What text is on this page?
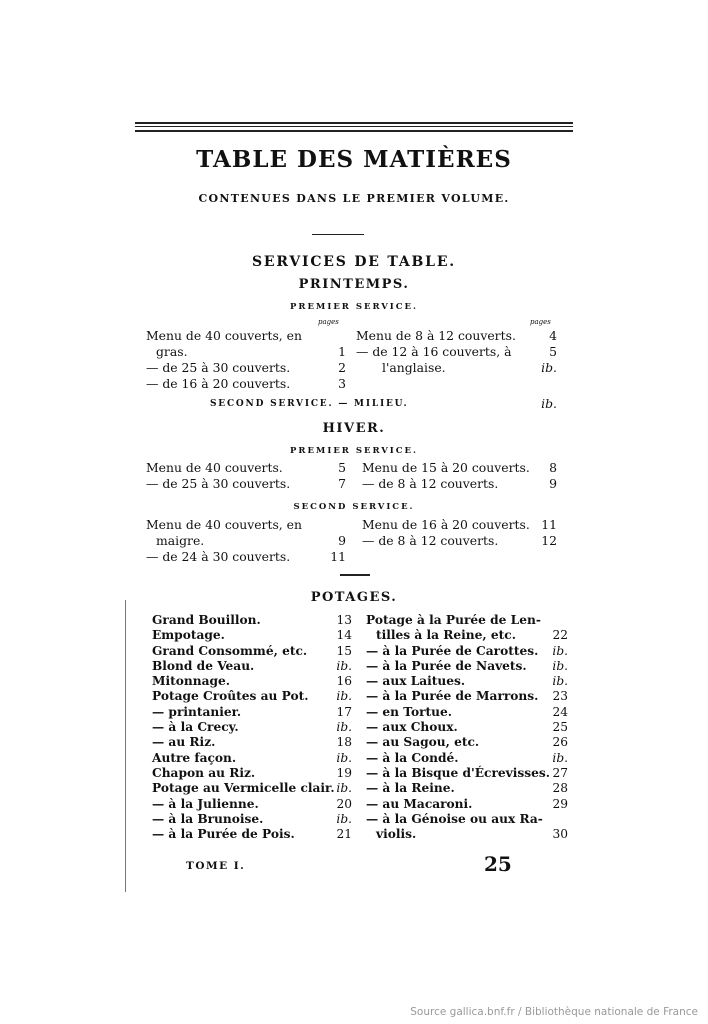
TABLE DES MATIÈRES
CONTENUES DANS LE PREMIER VOLUME.
SERVICES DE TABLE.
PRINTEMPS.
PREMIER SERVICE.
pages	pages
Menu de 40 couverts, en
gras.	1
— de 25 à 30 couverts.	2
— de 16 à 20 couverts.	3
Menu de 8 à 12 couverts.	4
— de 12 à 16 couverts, à	5
l'anglaise.	ib.
SECOND SERVICE. — MILIEU.	ib.
HIVER.
PREMIER SERVICE.
Menu de 40 couverts.	5
— de 25 à 30 couverts.	7
Menu de 15 à 20 couverts. 8
— de 8 à 12 couverts.	9
SECOND SERVICE.
Menu de 40 couverts, en
maigre.	9
— de 24 à 30 couverts.	11
Menu de 16 à 20 couverts. 11
— de 8 à 12 couverts.	12
POTAGES.
Grand Bouillon.	13
Empotage.	14
Grand Consommé, etc. 15
Blond de Veau.	ib.
Mitonnage.	16
Potage Croûtes au Pot. ib.
— printanier.	17
— à la Crecy.	ib.
— au Riz.	18
Autre façon.	ib.
Chapon au Riz.	19
Potage au Vermicelle clair. ib.
— à la Julienne.	20
— à la Brunoise.	ib.
— à la Purée de Pois.	21
Potage à la Purée de Len-
tilles à la Reine, etc.	22
— à la Purée de Carottes. ib.
— à la Purée de Navets. ib.
— aux Laitues.	ib.
— à la Purée de Marrons. 23
— en Tortue.	24
— aux Choux.	25
— au Sagou, etc.	26
— à la Condé.	ib.
— à la Bisque d'Écrevisses. 27
— à la Reine.	28
— au Macaroni.	29
— à la Génoise ou aux Ra-
violis.	30
TOME I.	25
Source gallica.bnf.fr / Bibliothèque nationale de France
